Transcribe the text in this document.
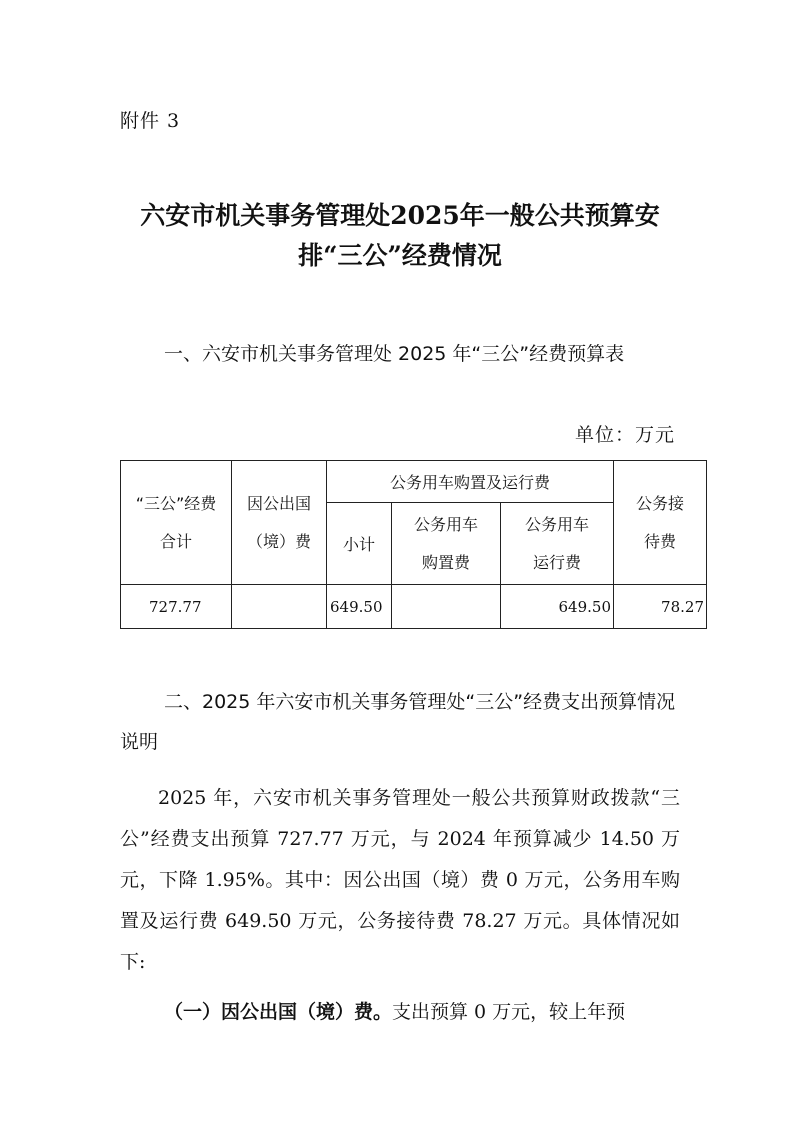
附件 3
六安市机关事务管理处2025年一般公共预算安排“三公”经费情况
一、六安市机关事务管理处 2025 年“三公”经费预算表
单位：万元
“三公”经费合计	因公出国（境）费	公务用车购置及运行费			公务接待费

		小计	公务用车购置费	公务用车运行费	

727.77		649.50		649.50	78.27
二、2025 年六安市机关事务管理处“三公”经费支出预算情况说明
2025 年，六安市机关事务管理处一般公共预算财政拨款“三公”经费支出预算 727.77 万元，与 2024 年预算减少 14.50 万元，下降 1.95%。其中：因公出国（境）费 0 万元，公务用车购置及运行费 649.50 万元，公务接待费 78.27 万元。具体情况如下:
（一）因公出国（境）费。支出预算 0 万元，较上年预
